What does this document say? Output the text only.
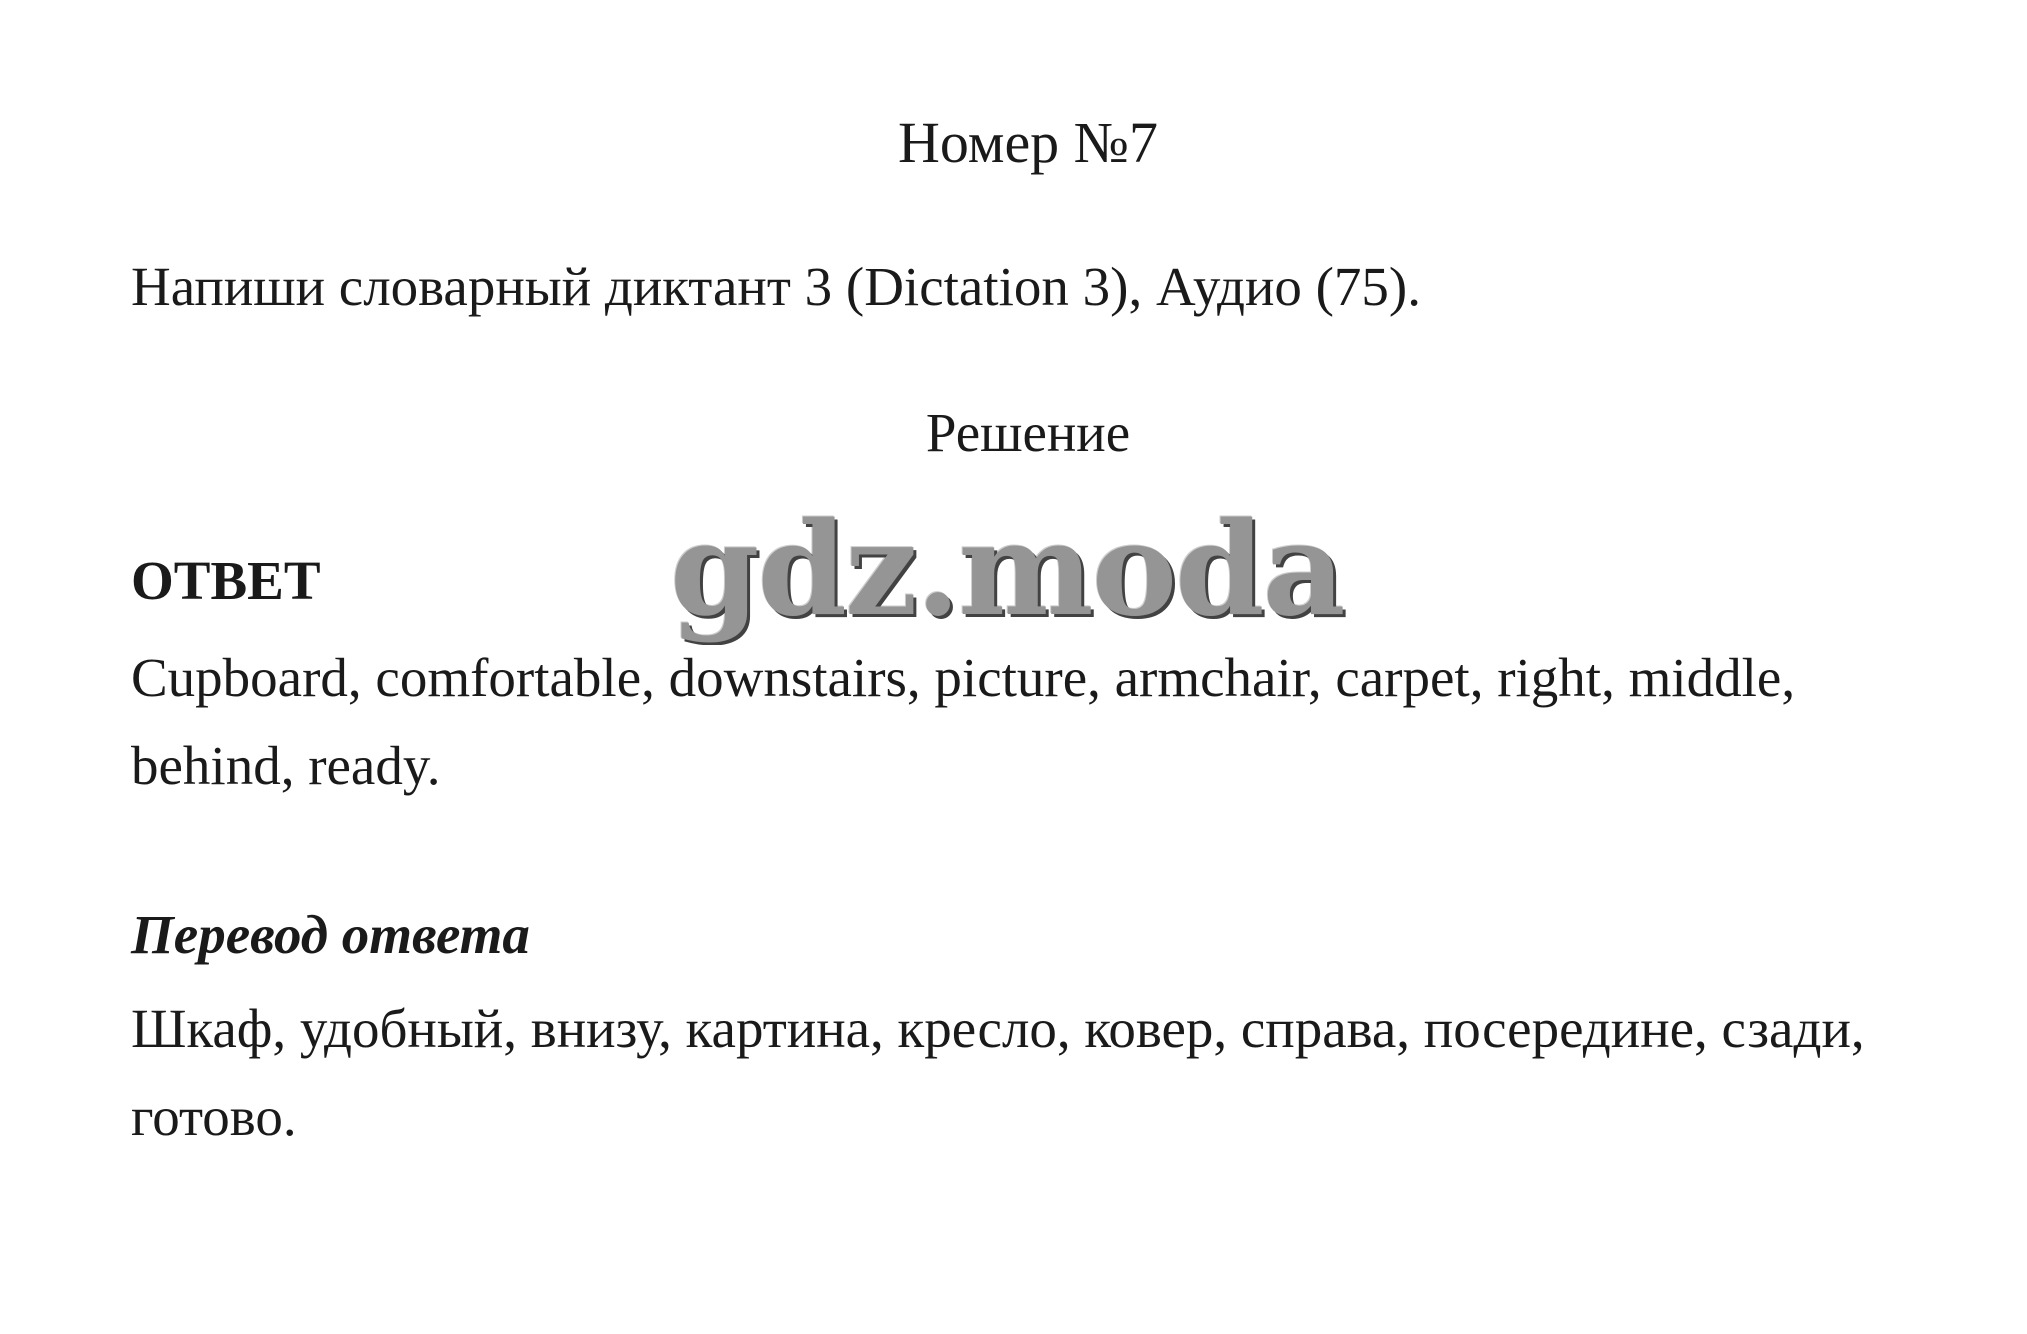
Номер №7
Напиши словарный диктант 3 (Dictation 3), Аудио (75).
Решение
ОТВЕТ
Cupboard, comfortable, downstairs, picture, armchair, carpet, right, middle, behind, ready.
Перевод ответа
Шкаф, удобный, внизу, картина, кресло, ковер, справа, посередине, сзади, готово.
gdz.moda
